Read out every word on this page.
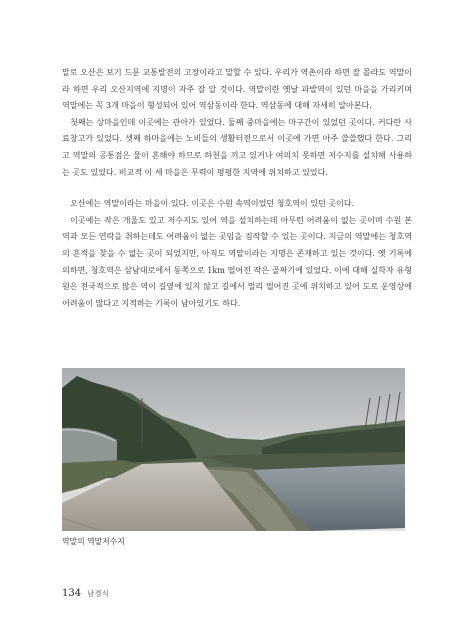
말로 오산은 보기 드문 교통발전의 고장이라고 말할 수 있다. 우리가 역촌이라 하면 잘 몰라도 역말이라 하면 우리 오산지역에 지명이 자주 잘 알 것이다. 역말이란 옛날 파발역이 있던 마을을 가리키며 역말에는 꼭 3개 마을이 형성되어 있어 역삼동이라 한다. 역삼동에 대해 자세히 알아본다.

첫째는 상마을인데 이곳에는 관아가 있었다. 둘째 중마을에는 마구간이 있었던 곳이다. 커다란 사료창고가 있었다. 셋째 하마을에는 노비들의 생활터전으로서 이곳에 가면 아주 쓸쓸했다 한다. 그리고 역말의 공통점은 물이 흔해야 하므로 하천을 끼고 있거나 여의치 못하면 저수지를 설치해 사용하는 곳도 있었다. 비교적 이 세 마을은 무력이 평평한 지역에 위치하고 있었다.

오산에는 역말이라는 마을이 있다. 이곳은 수원 속역이었던 청호역이 있던 곳이다.

이곳에는 작은 개울도 있고 저수지도 있어 역을 설치하는데 아무런 어려움이 없는 곳이며 수원 본역과 모든 연락을 취하는데도 어려움이 없는 곳임을 짐작할 수 있는 곳이다. 지금의 역말에는 청호역의 흔적을 찾을 수 없는 곳이 되었지만, 아직도 역말이라는 지명은 존재하고 있는 것이다. 옛 기록에 의하면, 청호역은 삼남대로에서 동쪽으로 1km 떨어진 작은 골짜기에 있었다. 이에 대해 실학자 유형원은 전국적으로 많은 역이 길옆에 있지 않고 길에서 멀리 떨어진 곳에 위치하고 있어 도로 운영상에 어려움이 많다고 지적하는 기록이 남아있기도 하다.

역말의 역말저수지
134 남경식
